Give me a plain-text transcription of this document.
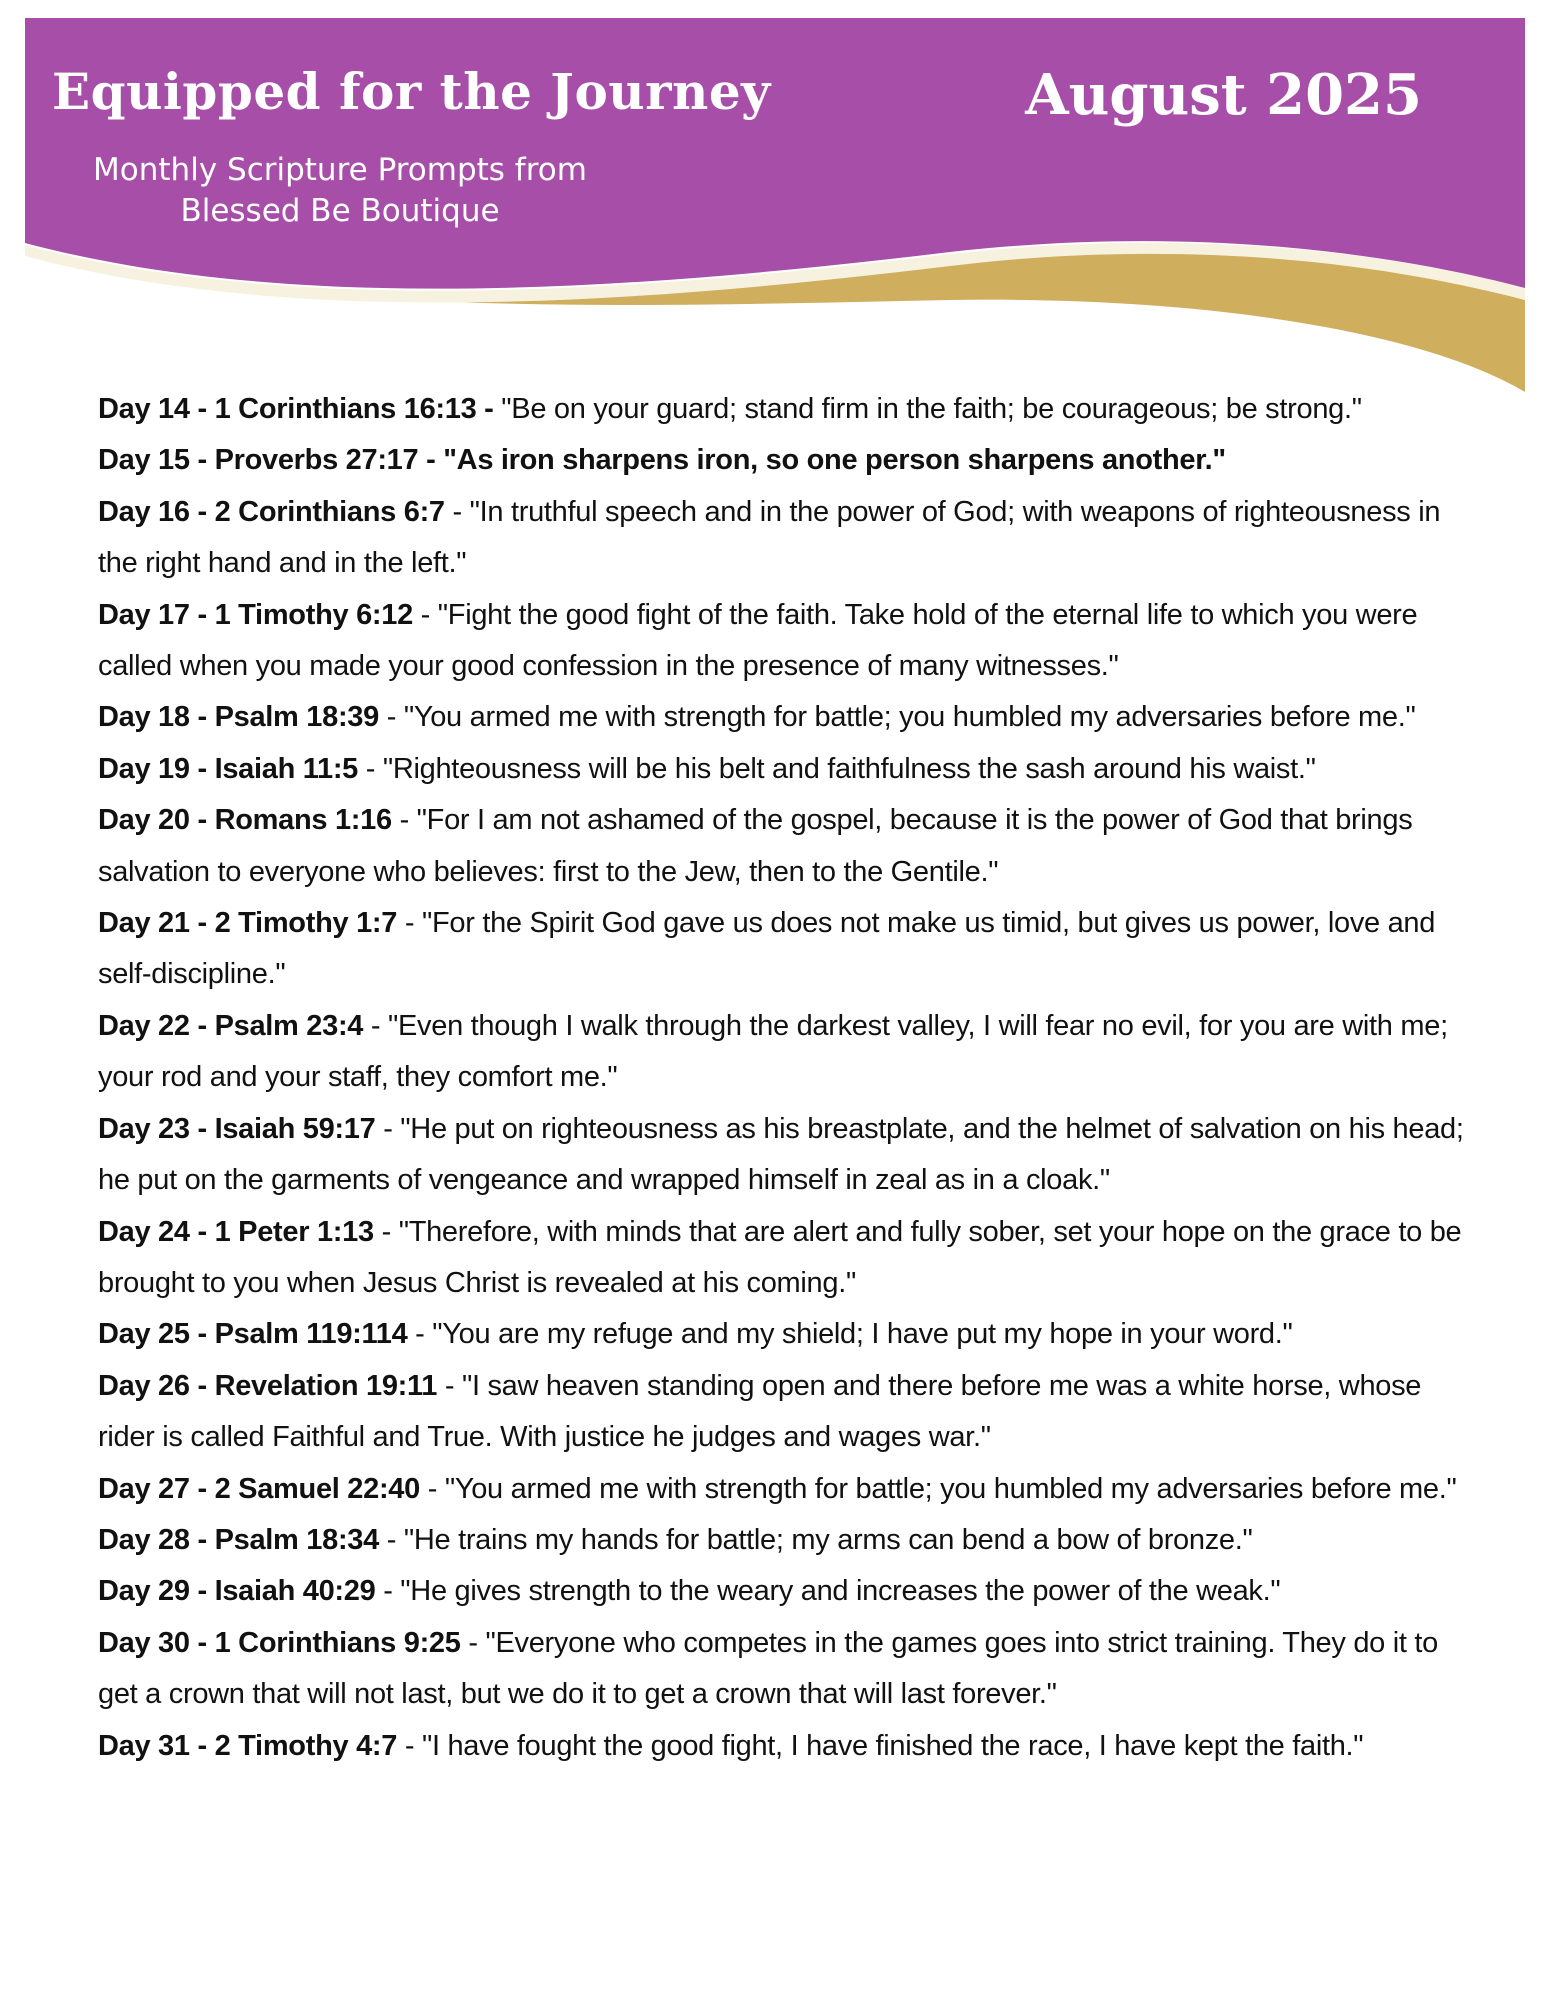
Equipped for the Journey	August 2025
Monthly Scripture Prompts from
Blessed Be Boutique

Day 14 - 1 Corinthians 16:13 - "Be on your guard; stand firm in the faith; be courageous; be strong."

Day 15 - Proverbs 27:17 - "As iron sharpens iron, so one person sharpens another."

Day 16 - 2 Corinthians 6:7 - "In truthful speech and in the power of God; with weapons of righteousness in the right hand and in the left."

Day 17 - 1 Timothy 6:12 - "Fight the good fight of the faith. Take hold of the eternal life to which you were called when you made your good confession in the presence of many witnesses."

Day 18 - Psalm 18:39 - "You armed me with strength for battle; you humbled my adversaries before me."

Day 19 - Isaiah 11:5 - "Righteousness will be his belt and faithfulness the sash around his waist."

Day 20 - Romans 1:16 - "For I am not ashamed of the gospel, because it is the power of God that brings salvation to everyone who believes: first to the Jew, then to the Gentile."

Day 21 - 2 Timothy 1:7 - "For the Spirit God gave us does not make us timid, but gives us power, love and self-discipline."

Day 22 - Psalm 23:4 - "Even though I walk through the darkest valley, I will fear no evil, for you are with me; your rod and your staff, they comfort me."

Day 23 - Isaiah 59:17 - "He put on righteousness as his breastplate, and the helmet of salvation on his head; he put on the garments of vengeance and wrapped himself in zeal as in a cloak."

Day 24 - 1 Peter 1:13 - "Therefore, with minds that are alert and fully sober, set your hope on the grace to be brought to you when Jesus Christ is revealed at his coming."

Day 25 - Psalm 119:114 - "You are my refuge and my shield; I have put my hope in your word."

Day 26 - Revelation 19:11 - "I saw heaven standing open and there before me was a white horse, whose rider is called Faithful and True. With justice he judges and wages war."

Day 27 - 2 Samuel 22:40 - "You armed me with strength for battle; you humbled my adversaries before me."

Day 28 - Psalm 18:34 - "He trains my hands for battle; my arms can bend a bow of bronze."

Day 29 - Isaiah 40:29 - "He gives strength to the weary and increases the power of the weak."

Day 30 - 1 Corinthians 9:25 - "Everyone who competes in the games goes into strict training. They do it to get a crown that will not last, but we do it to get a crown that will last forever."

Day 31 - 2 Timothy 4:7 - "I have fought the good fight, I have finished the race, I have kept the faith."
